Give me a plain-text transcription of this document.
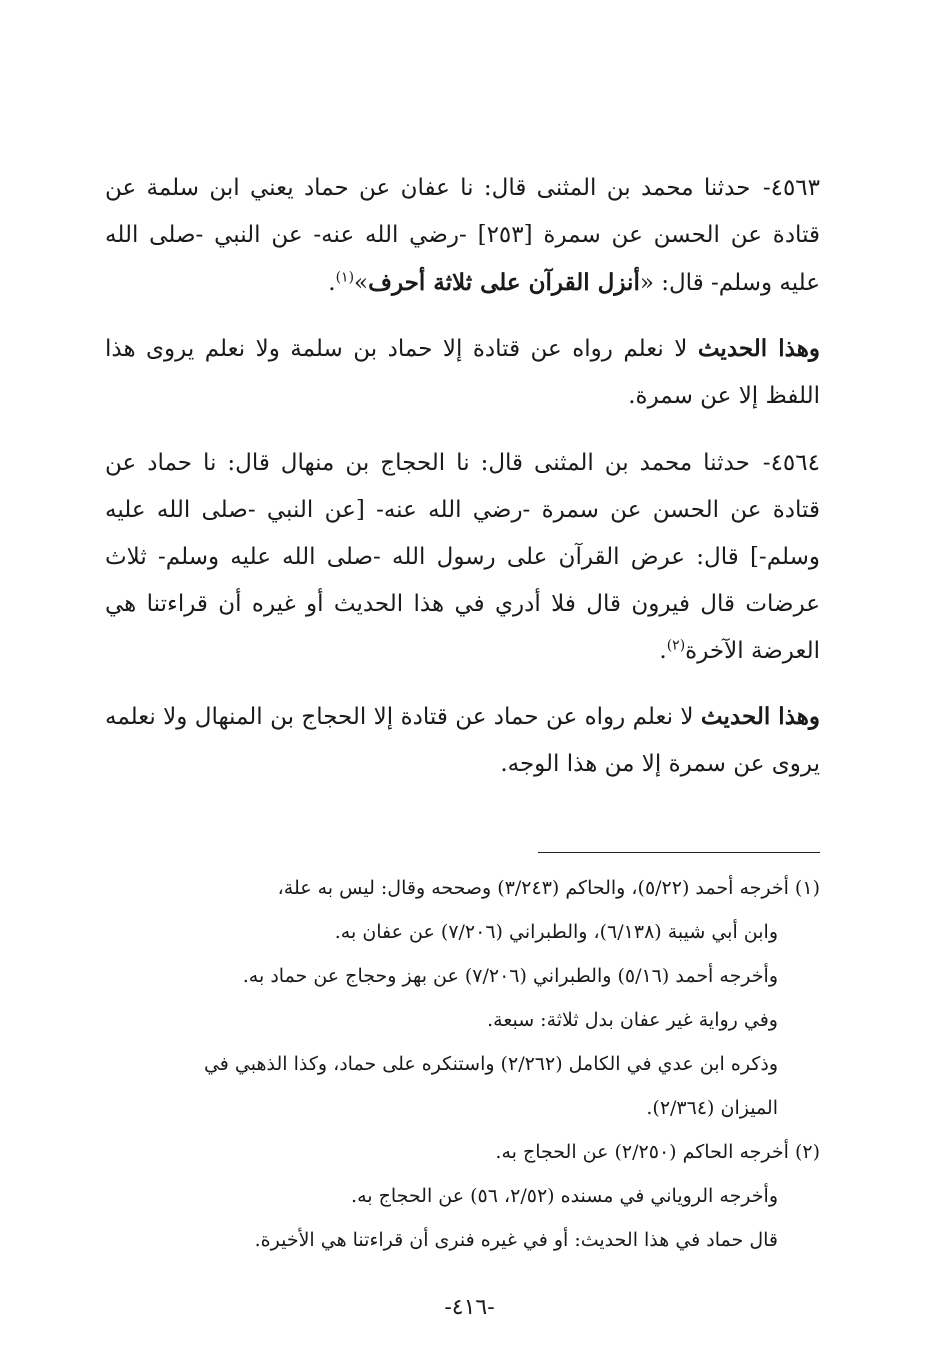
٤٥٦٣- حدثنا محمد بن المثنى قال: نا عفان عن حماد يعني ابن سلمة عن قتادة عن الحسن عن سمرة [٢٥٣] -رضي الله عنه- عن النبي -صلى الله عليه وسلم- قال: «أنزل القرآن على ثلاثة أحرف»$^{(١)}$.

وهذا الحديث لا نعلم رواه عن قتادة إلا حماد بن سلمة ولا نعلم يروى هذا اللفظ إلا عن سمرة.

٤٥٦٤- حدثنا محمد بن المثنى قال: نا الحجاج بن منهال قال: نا حماد عن قتادة عن الحسن عن سمرة -رضي الله عنه- [عن النبي -صلى الله عليه وسلم-] قال: عرض القرآن على رسول الله -صلى الله عليه وسلم- ثلاث عرضات قال فيرون قال فلا أدري في هذا الحديث أو غيره أن قراءتنا هي العرضة الآخرة$^{(٢)}$.

وهذا الحديث لا نعلم رواه عن حماد عن قتادة إلا الحجاج بن المنهال ولا نعلمه يروى عن سمرة إلا من هذا الوجه.

(١) أخرجه أحمد (٥/٢٢)، والحاكم (٣/٢٤٣) وصححه وقال: ليس به علة،

وابن أبي شيبة (٦/١٣٨)، والطبراني (٧/٢٠٦) عن عفان به.

وأخرجه أحمد (٥/١٦) والطبراني (٧/٢٠٦) عن بهز وحجاج عن حماد به.

وفي رواية غير عفان بدل ثلاثة: سبعة.

وذكره ابن عدي في الكامل (٢/٢٦٢) واستنكره على حماد، وكذا الذهبي في

الميزان (٢/٣٦٤).

(٢) أخرجه الحاكم (٢/٢٥٠) عن الحجاج به.

وأخرجه الروياني في مسنده (٢/٥٢، ٥٦) عن الحجاج به.

قال حماد في هذا الحديث: أو في غيره فنرى أن قراءتنا هي الأخيرة.

-٤١٦-
